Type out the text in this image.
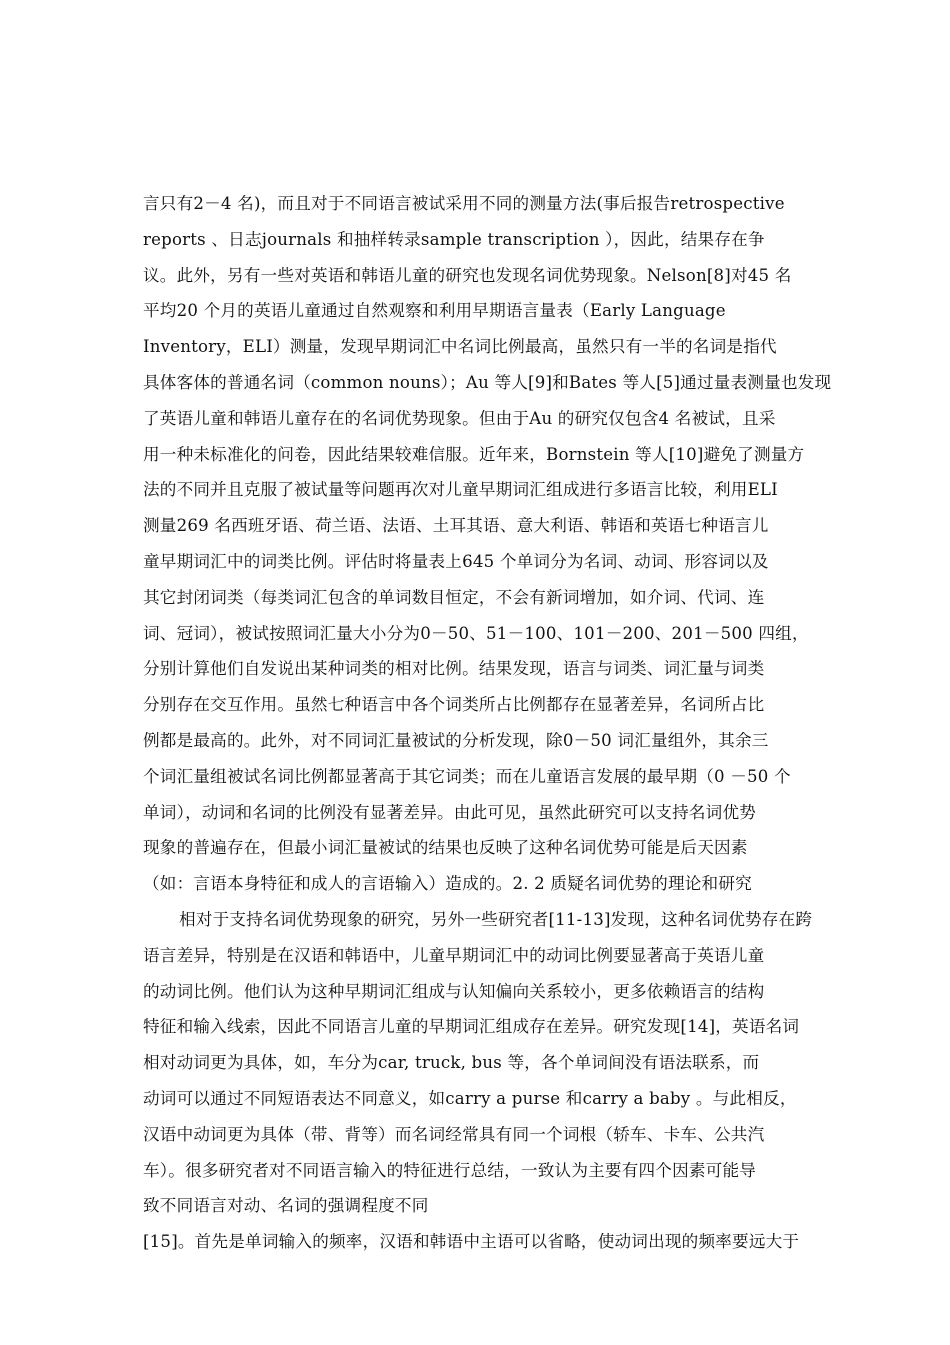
言只有2－4 名)，而且对于不同语言被试采用不同的测量方法(事后报告retrospective
reports 、日志journals 和抽样转录sample transcription ），因此，结果存在争
议。此外，另有一些对英语和韩语儿童的研究也发现名词优势现象。Nelson[8]对45 名
平均20 个月的英语儿童通过自然观察和利用早期语言量表（Early Language
Inventory，ELI）测量，发现早期词汇中名词比例最高，虽然只有一半的名词是指代
具体客体的普通名词（common nouns）；Au 等人[9]和Bates 等人[5]通过量表测量也发现
了英语儿童和韩语儿童存在的名词优势现象。但由于Au 的研究仅包含4 名被试，且采
用一种未标准化的问卷，因此结果较难信服。近年来，Bornstein 等人[10]避免了测量方
法的不同并且克服了被试量等问题再次对儿童早期词汇组成进行多语言比较，利用ELI
测量269 名西班牙语、荷兰语、法语、土耳其语、意大利语、韩语和英语七种语言儿
童早期词汇中的词类比例。评估时将量表上645 个单词分为名词、动词、形容词以及
其它封闭词类（每类词汇包含的单词数目恒定，不会有新词增加，如介词、代词、连
词、冠词），被试按照词汇量大小分为0－50、51－100、101－200、201－500 四组，
分别计算他们自发说出某种词类的相对比例。结果发现，语言与词类、词汇量与词类
分别存在交互作用。虽然七种语言中各个词类所占比例都存在显著差异，名词所占比
例都是最高的。此外，对不同词汇量被试的分析发现，除0－50 词汇量组外，其余三
个词汇量组被试名词比例都显著高于其它词类；而在儿童语言发展的最早期（0 －50 个
单词），动词和名词的比例没有显著差异。由此可见，虽然此研究可以支持名词优势
现象的普遍存在，但最小词汇量被试的结果也反映了这种名词优势可能是后天因素
（如：言语本身特征和成人的言语输入）造成的。2. 2 质疑名词优势的理论和研究
相对于支持名词优势现象的研究，另外一些研究者[11-13]发现，这种名词优势存在跨
语言差异，特别是在汉语和韩语中，儿童早期词汇中的动词比例要显著高于英语儿童
的动词比例。他们认为这种早期词汇组成与认知偏向关系较小，更多依赖语言的结构
特征和输入线索，因此不同语言儿童的早期词汇组成存在差异。研究发现[14]，英语名词
相对动词更为具体，如，车分为car, truck, bus 等，各个单词间没有语法联系，而
动词可以通过不同短语表达不同意义，如carry a purse 和carry a baby 。与此相反，
汉语中动词更为具体（带、背等）而名词经常具有同一个词根（轿车、卡车、公共汽
车）。很多研究者对不同语言输入的特征进行总结，一致认为主要有四个因素可能导
致不同语言对动、名词的强调程度不同
[15]。首先是单词输入的频率，汉语和韩语中主语可以省略，使动词出现的频率要远大于
